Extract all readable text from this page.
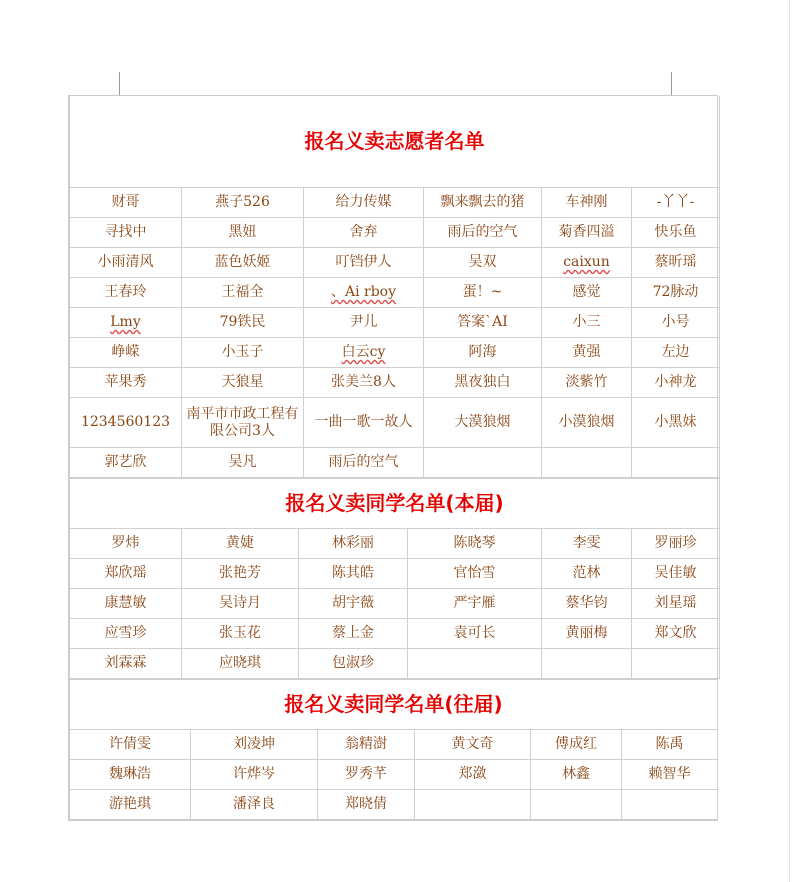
报名义卖志愿者名单					
财哥	燕子526	给力传媒	飘来飘去的猪	车神刚	-丫丫-
寻找中	黑妞	舍弃	雨后的空气	菊香四溢	快乐鱼
小雨清风	蓝色妖姬	叮铛伊人	吴双	caixun	蔡昕瑶
王春玲	王福全	、Ai rboy	蛋！~	感觉	72脉动
Lmy	79铁民	尹儿	答案`AI	小三	小号
峥嵘	小玉子	白云cy	阿海	黄强	左边
苹果秀	天狼星	张美兰8人	黑夜独白	淡紫竹	小神龙
1234560123	南平市市政工程有限公司3人	一曲一歌一故人	大漠狼烟	小漠狼烟	小黑妹
郭艺欣	吴凡	雨后的空气			
报名义卖同学名单(本届)					
罗炜	黄婕	林彩丽	陈晓琴	李雯	罗丽珍
郑欣瑶	张艳芳	陈其皓	官怡雪	范林	吴佳敏
康慧敏	吴诗月	胡宇薇	严宇雁	蔡华钧	刘星瑶
应雪珍	张玉花	蔡上金	袁可长	黄丽梅	郑文欣
刘霖霖	应晓琪	包淑珍			
报名义卖同学名单(往届)					
许倩雯	刘凌坤	翁精澍	黄文奇	傅成红	陈禹
魏琳浩	许烨岑	罗秀芊	郑潋	林鑫	赖智华
游艳琪	潘泽良	郑晓倩			
